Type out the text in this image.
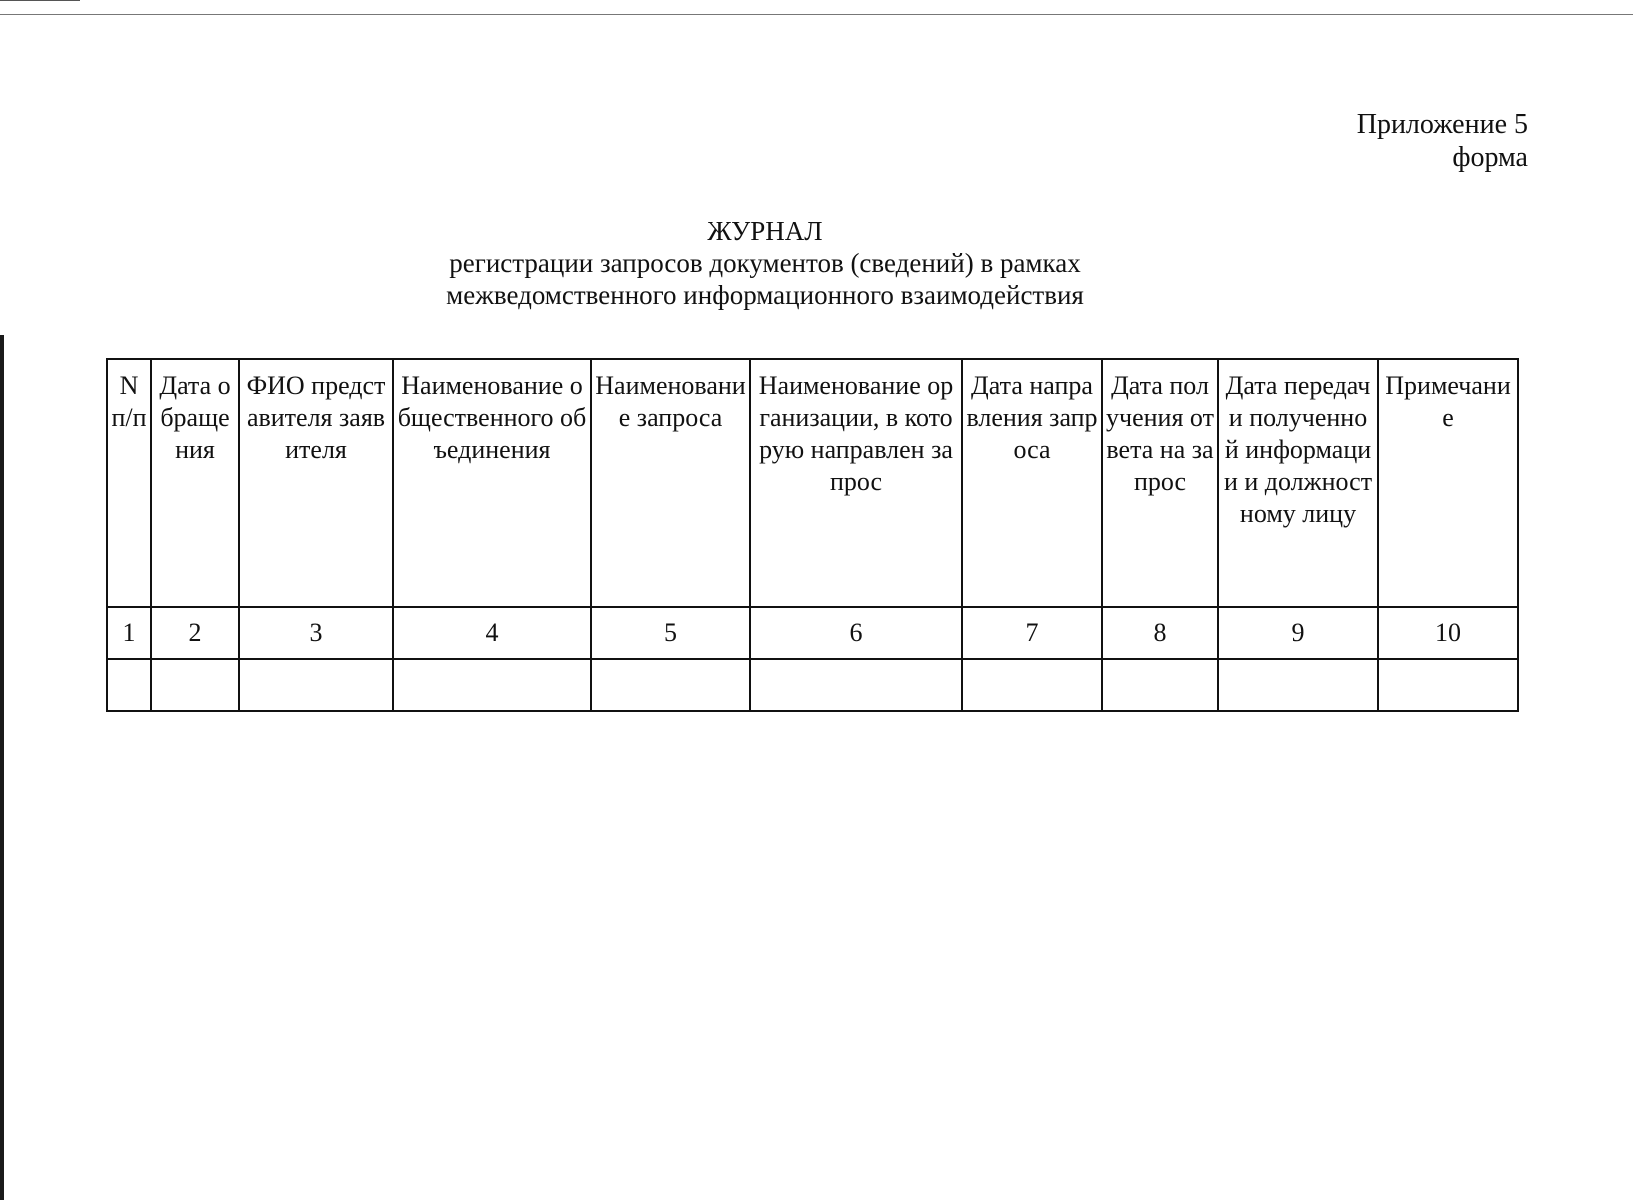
Приложение 5
форма
ЖУРНАЛ
регистрации запросов документов (сведений) в рамках
межведомственного информационного взаимодействия
N п/п	Дата обращения	ФИО представителя заявителя	Наименование общественного объединения	Наименование запроса	Наименование организации, в которую направлен запрос	Дата направления запроса	Дата получения ответа на запрос	Дата передачи полученной информации и должностному лицу	Примечание
1	2	3	4	5	6	7	8	9	10
